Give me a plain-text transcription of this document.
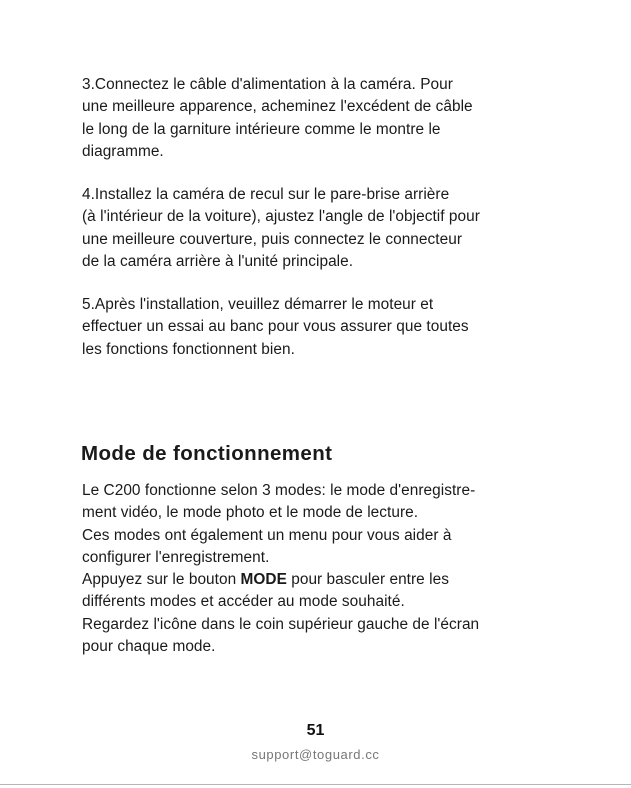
3.Connectez le câble d'alimentation à la caméra. Pour
une meilleure apparence, acheminez l'excédent de câble
le long de la garniture intérieure comme le montre le
diagramme.

4.Installez la caméra de recul sur le pare-brise arrière
(à l'intérieur de la voiture), ajustez l'angle de l'objectif pour
une meilleure couverture, puis connectez le connecteur
de la caméra arrière à l'unité principale.

5.Après l'installation, veuillez démarrer le moteur et
effectuer un essai au banc pour vous assurer que toutes
les fonctions fonctionnent bien.

Mode de fonctionnement

Le C200 fonctionne selon 3 modes: le mode d'enregistre-
ment vidéo, le mode photo et le mode de lecture.
Ces modes ont également un menu pour vous aider à
configurer l'enregistrement.
Appuyez sur le bouton MODE pour basculer entre les
différents modes et accéder au mode souhaité.
Regardez l'icône dans le coin supérieur gauche de l'écran
pour chaque mode.

51
support@toguard.cc
